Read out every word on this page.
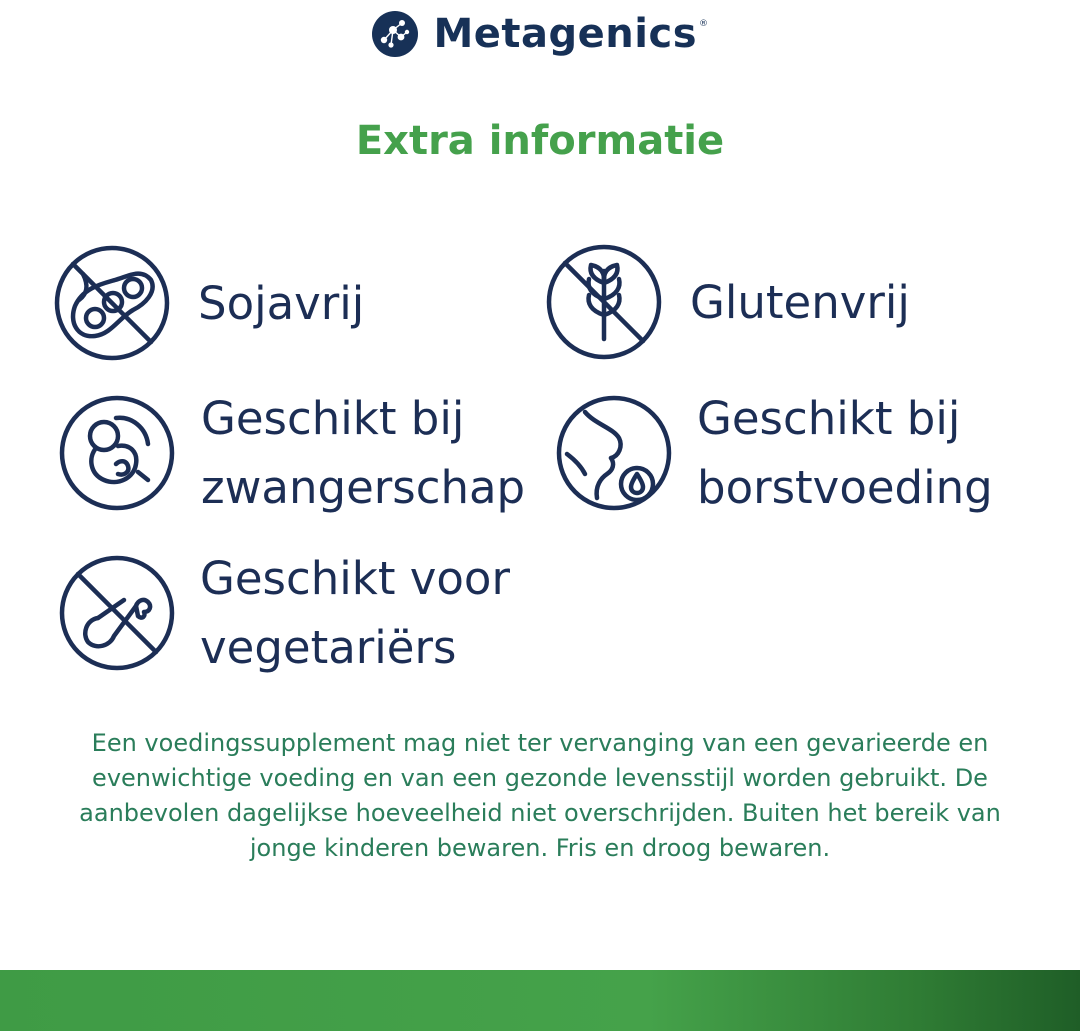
Metagenics ®
Extra informatie
Sojavrij	Glutenvrij
Geschikt bij
zwangerschap
Geschikt bij
borstvoeding
Geschikt voor
vegetariërs
Een voedingssupplement mag niet ter vervanging van een gevarieerde en
evenwichtige voeding en van een gezonde levensstijl worden gebruikt. De
aanbevolen dagelijkse hoeveelheid niet overschrijden. Buiten het bereik van
jonge kinderen bewaren. Fris en droog bewaren.
